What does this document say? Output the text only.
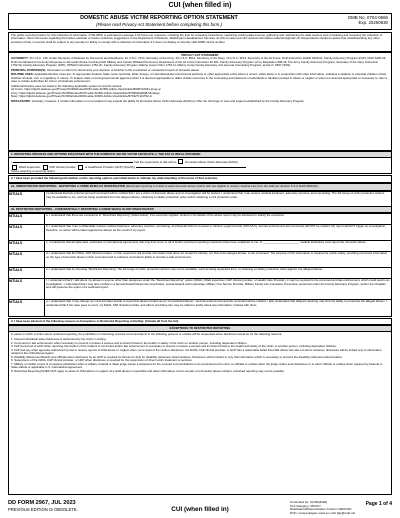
CUI (when filled in)
DOMESTIC ABUSE VICTIM REPORTING OPTION STATEMENT
(Please read Privacy Act Statement before completing this form.)
OMB No. 0704-0666
Exp. 20260930
The public reporting burden for this collection of information, 0704-0666, is estimated to average 1.00 hours per response, including the time for reviewing instructions, searching existing data sources, gathering and maintaining the data needed, and completing and reviewing the collection of information. Send comments regarding the burden estimate or burden reduction suggestions to the Department of Defense, Washington Headquarters Services, at whs.mc-alex.esd.mbx.dd-dod-information-collections@mail.mil. Respondents should be aware that notwithstanding any other provision of law, no person shall be subject to any penalty for failing to comply with a collection of information if it does not display a currently valid OMB control number.
PRIVACY ACT STATEMENT
AUTHORITY: 10 U.S.C. 136, Under Secretary of Defense for Personnel and Readiness; 10 U.S.C. 7013, Secretary of the Army; 10 U.S.C. 8013, Secretary of the Navy; 10 U.S.C. 9013, Secretary of the Air Force; DoD Instruction (DoDI) 6400.01, Family Advocacy Program (FAP); DoDI 6400.06, DoD Coordinated Community Response to Domestic Abuse Involving DoD Military and Certain Affiliated Personnel; Department of the Air Force Instruction 40-301, Family Advocacy Program; Army Regulation 608-18, The Army Family Advocacy Program; Secretary of the Navy Instruction 1752.3A, Family Advocacy Program (FAP); OPNAV Instruction 1752.2C, Family Advocacy Program; Marine Corps Order 1754.11, Marine Corps Family Advocacy and General Counseling Program; and E.O. 9397 (SSN).
PRINCIPAL PURPOSE(S): Information on this form documents your decision of whether to file a restricted or unrestricted report of domestic abuse.
ROUTINE USES: Applicable Routine Uses are: To appropriate Federal, State, local, territorial, tribal, foreign, or international law enforcement authority or other appropriate entity where a record, either alone or in conjunction with other information, indicates a violation or potential violation of law, whether criminal, civil, or regulatory in nature. To federal, state or local governmental agencies when it is deemed appropriate to utilize civilian resources in the counseling and treatment of individuals or families involved in abuse or neglect or when it is deemed appropriate or necessary to refer a case to civilian authorities for civil or criminal law enforcement.
Additional Routine uses are listed in the following applicable system of records notices:
Air Force: https://dpcld.defense.gov/Privacy/SORNsIndex/DOD-wide-SORN-Article-View/Article/569671/f044-af-sg-q/
Army: https://dpcld.defense.gov/Privacy/SORNsIndex/DOD-wide-SORN-Article-View/Article/570960/a0608-18-dasg/
Navy: https://dpcld.defense.gov/Privacy/SORNsIndex/DOD-wide-SORN-Article-View/Article/570327/n01752-1/
DISCLOSURE: Voluntary; however, if certain information is not provided it may impede the ability for Domestic Abuse Victim Advocate (DAVA) to offer the full range of care and support established by the Family Advocacy Program.
1. REPORTING PROCESS AND OPTIONS DISCUSSED WITH THE DOMESTIC ABUSE VICTIM ADVOCATE or THE FAP CLINICAL PROVIDER
I,	had the opportunity to talk with a:	Domestic Abuse Victim Advocate (DAVA),
DAVA supervisor,	FAP clinical provider,	or Healthcare Provider (HCP) (Specify)
before selecting a reporting option.
2. I have been provided the following information on the reporting options and initial below to indicate my understanding of the terms of that selection.
2a. UNRESTRICTED REPORTING - REPORTING A CRIME WHICH IS INVESTIGATED (Restricted reporting is limited to adult domestic abuse victims who are eligible to receive medical care from the DoD per Section 5.3 of DoDI 6400.06.)
INITIALS	I understand that law enforcement and command will be notified that I am a victim of domestic abuse and an investigation will be started. I understand that I can receive medical treatment, advocacy services, and counseling. The full range of victim protection actions may be available to me, such as being separated from the alleged abuser, obtaining a military protection order and/or obtaining a civil protection order.
2b. RESTRICTED REPORTING - CONFIDENTIALLY REPORTING A CRIME WHICH IS NOT INVESTIGATED
INITIALS	a. I understand that there are exceptions to "Restricted Reporting" (listed below). If an exception applies, limited or full details of the abuse report may be disclosed to satisfy the exception.
INITIALS	b. I understand that I can confidentially receive medical treatment, advocacy services, counseling, and Special Victim's Counsel or Victims' Legal Counsel (SVC/VLC), but law enforcement and command will NOT be notified. My report will NOT trigger an investigation; therefore, no action will be taken against the abuser as the result of my report.
INITIALS	c. I understand that all state laws, local laws or international agreements that may limit some or all of DoD's restricted reporting protections have been explained to me. In ______________________, medical authorities must report the domestic abuse.
INITIALS	d. I understand that the DAVA, FAP clinical provider, or their supervisor will provide information that does not reveal the identity, nor that of the alleged abuser, to the command. The purpose of this information is required for public safety, providing command information on the type of domestic abuse in their command and to enhance command's ability to provide a safe environment.
INITIALS	e. I understand that by choosing "Restricted Reporting," the full range of victim protection actions may not be available, such as being separated from, or obtaining a military protection order against, the alleged abuser.
INITIALS	f. I understand that if I talk about my abuse to anyone other than designees under the "Restricted Reporting" option (DAVA, DAVA supervisor, FAP clinical provider, or Health Care Provider), it may be reported to the command and law enforcement, which could lead to an investigation. I understand that I may also confide in a Sexual Assault Response Coordinator, sexual assault victim advocate, Military One Source Provider, Military Family Life Counselor, Prevention personnel under the Family Advocacy Program, and/or the Chaplain and still preserve the option of a restricted report.
INITIALS	g. I understand that I may change my mind and later decide to report this abuse incident as an "Unrestricted Report," and law enforcement and the command will be notified. I also understand that delayed reporting may limit the ability to prosecute the alleged abuser. I understand that if the case goes to court, my DAVA, FAP clinical provider, and others providing care may be called to testify about any information I shared with them.
3. I have been advised of the following reasons as Exceptions to Restricted Reporting, including: (Include all from the list)
EXCEPTIONS TO RESTRICTED REPORTING
In cases in which a victim elects restricted reporting, the prohibition on disclosing covered communications to the following persons or entities will be suspended when disclosure would be for the following reasons:
1. Named individuals when disclosure is authorized by the victim in writing.
2. Command or law enforcement when necessary to prevent or lessen a serious and imminent threat to the health or safety of the victim or another person, including dependent children.
3. FAP personnel or HCP when reporting information of the incident to command and/or law enforcement is necessary to prevent or lessen a serious and imminent threat to the health and safety of the victim or another person, including dependent children.
4. FAP and any other agencies authorized by law to receive reports of child abuse or neglect when, as a result of the victim's disclosure, the DAVA, FAP clinical provider, or HCP has a reasonable belief that child abuse has also occurred. However, disclosure will be limited only to information related to the child abuse/neglect.
5. Disability Retirement Boards and officials when disclosure by an HCP is required for fitness for duty for disability retirement determinations. Disclosure will be limited to only that information which is necessary to process the disability retirement determination.
6. Supervisors of the DAVA, FAP clinical provider, or HCP when disclosure is required for the supervision of direct victim treatment or services.
7. Military or civilian courts of competent jurisdiction when a military, Federal or State judge issues a subpoena for the covered communications to be presented to the court, to officials or entities when the judge orders such disclosure or to other officials or entities when required by Federal or State statute or applicable U.S. international agreement.
8. Restricted Reporting DOES NOT apply to cases of child abuse or neglect. ALL child abuse is reportable and when child abuse occurs as part of a domestic abuse incident, restricted reporting may not be possible.
DD FORM 2967, JUL 2023
PREVIOUS EDITION IS OBSOLETE.	CUI (when filled in)
Controlled by: OUSD(P&R)
CUI Category: PRVCY
Distribution/Dissemination Control: FEDCON
POC: osd.pentagon.ousd-p-r.mbx.fap@mail.mil
Page 1 of 4
